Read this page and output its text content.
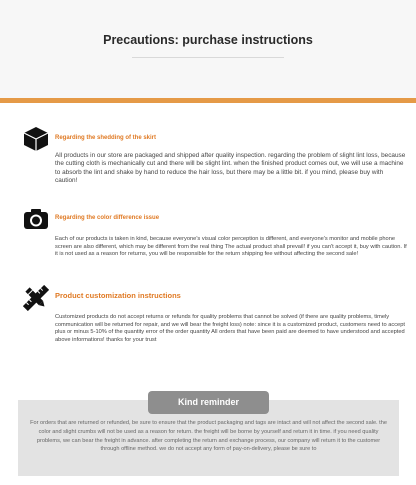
Precautions: purchase instructions
Regarding the shedding of the skirt
All products in our store are packaged and shipped after quality inspection. regarding the problem of slight lint loss, because the cutting cloth is mechanically cut and there will be slight lint. when the finished product comes out, we will use a machine to absorb the lint and shake by hand to reduce the hair loss, but there may be a little bit. if you mind, please buy with caution!
Regarding the color difference issue
Each of our products is taken in kind, because everyone's visual color perception is different, and everyone's monitor and mobile phone screen are also different, which may be different from the real thing The actual product shall prevail! if you can't accept it, buy with caution. If it is not used as a reason for returns, you will be responsible for the return shipping fee without affecting the second sale!
Product customization instructions
Customized products do not accept returns or refunds for quality problems that cannot be solved (if there are quality problems, timely communication will be returned for repair, and we will bear the freight loss) note: since it is a customized product, customers need to accept plus or minus 5-10% of the quantity error of the order quantity All orders that have been paid are deemed to have understood and accepted above informations! thanks for your trust
Kind reminder
For orders that are returned or refunded, be sure to ensure that the product packaging and tags are intact and will not affect the second sale. the color and slight crumbs will not be used as a reason for return. the freight will be borne by yourself and return it in time. if you need quality problems, we can bear the freight in advance. after completing the return and exchange process, our company will return it to the customer through offline method. we do not accept any form of pay-on-delivery, please be sure to
